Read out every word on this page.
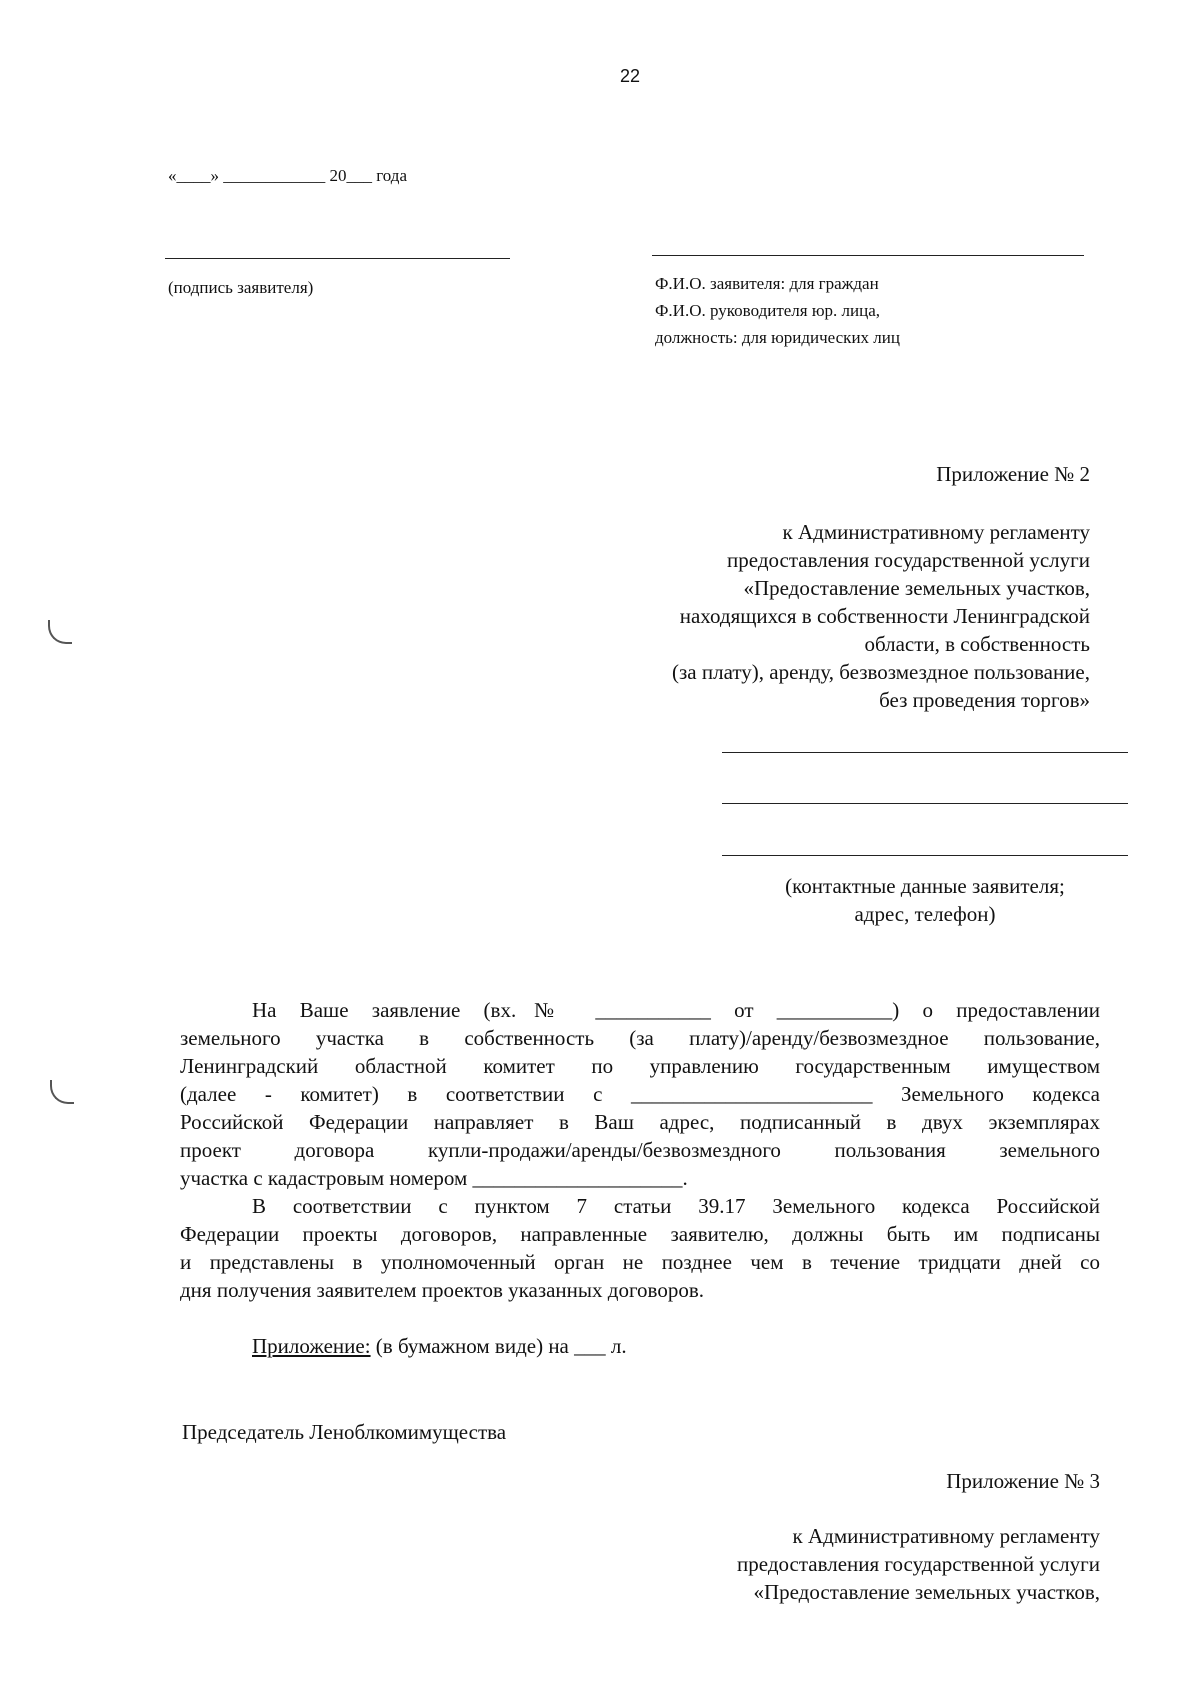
22
«____» ____________ 20___ года
(подпись заявителя)	Ф.И.О. заявителя: для граждан
Ф.И.О. руководителя юр. лица,
должность: для юридических лиц
Приложение № 2
к Административному регламенту
предоставления государственной услуги
«Предоставление земельных участков,
находящихся в собственности Ленинградской
области, в собственность
(за плату), аренду, безвозмездное пользование,
без проведения торгов»
(контактные данные заявителя;
адрес, телефон)
На Ваше заявление (вх.№ ___________ от ___________) о предоставлении
земельного участка в собственность (за плату)/аренду/безвозмездное пользование,
Ленинградский областной комитет по управлению государственным имуществом
(далее - комитет) в соответствии с _______________________ Земельного кодекса
Российской Федерации направляет в Ваш адрес, подписанный в двух экземплярах
проект договора купли-продажи/аренды/безвозмездного пользования земельного
участка с кадастровым номером ____________________.
В соответствии с пунктом 7 статьи 39.17 Земельного кодекса Российской
Федерации проекты договоров, направленные заявителю, должны быть им подписаны
и представлены в уполномоченный орган не позднее чем в течение тридцати дней со
дня получения заявителем проектов указанных договоров.
Приложение: (в бумажном виде) на ___ л.
Председатель Леноблкомимущества
Приложение № 3
к Административному регламенту
предоставления государственной услуги
«Предоставление земельных участков,
